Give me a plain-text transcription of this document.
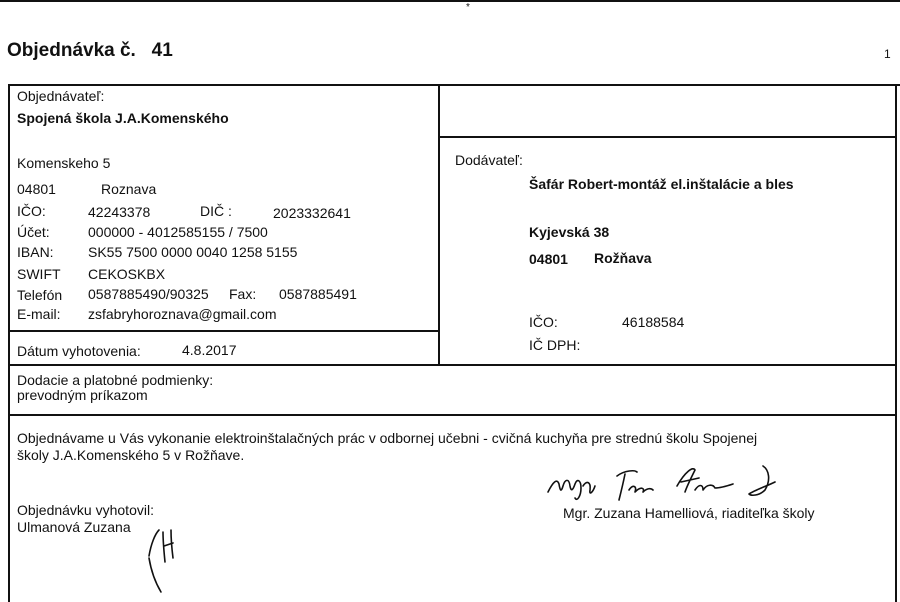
*
Objednávka č.   41	1
Objednávateľ:
Spojená škola J.A.Komenského
Komenskeho 5
04801	Roznava
IČO:	42243378	DIČ :	2023332641
Účet:	000000 - 4012585155 / 7500
IBAN: SK55 7500 0000 0040 1258 5155
SWIFT CEKOSKBX
Telefón 0587885490/90325 Fax: 0587885491
E-mail: zsfabryhoroznava@gmail.com
Dátum vyhotovenia:	4.8.2017
Dodávateľ:
Šafár Robert-montáž el.inštalácie a bles
Kyjevská 38
04801 Rožňava
IČO:	46188584
IČ DPH:
Dodacie a platobné podmienky:
prevodným príkazom
Objednávame u Vás vykonanie elektroinštalačných prác v odbornej učebni - cvičná kuchyňa pre strednú školu Spojenej
školy J.A.Komenského 5 v Rožňave.
Objednávku vyhotovil:
Ulmanová Zuzana
Mgr. Zuzana Hamelliová, riaditeľka školy
